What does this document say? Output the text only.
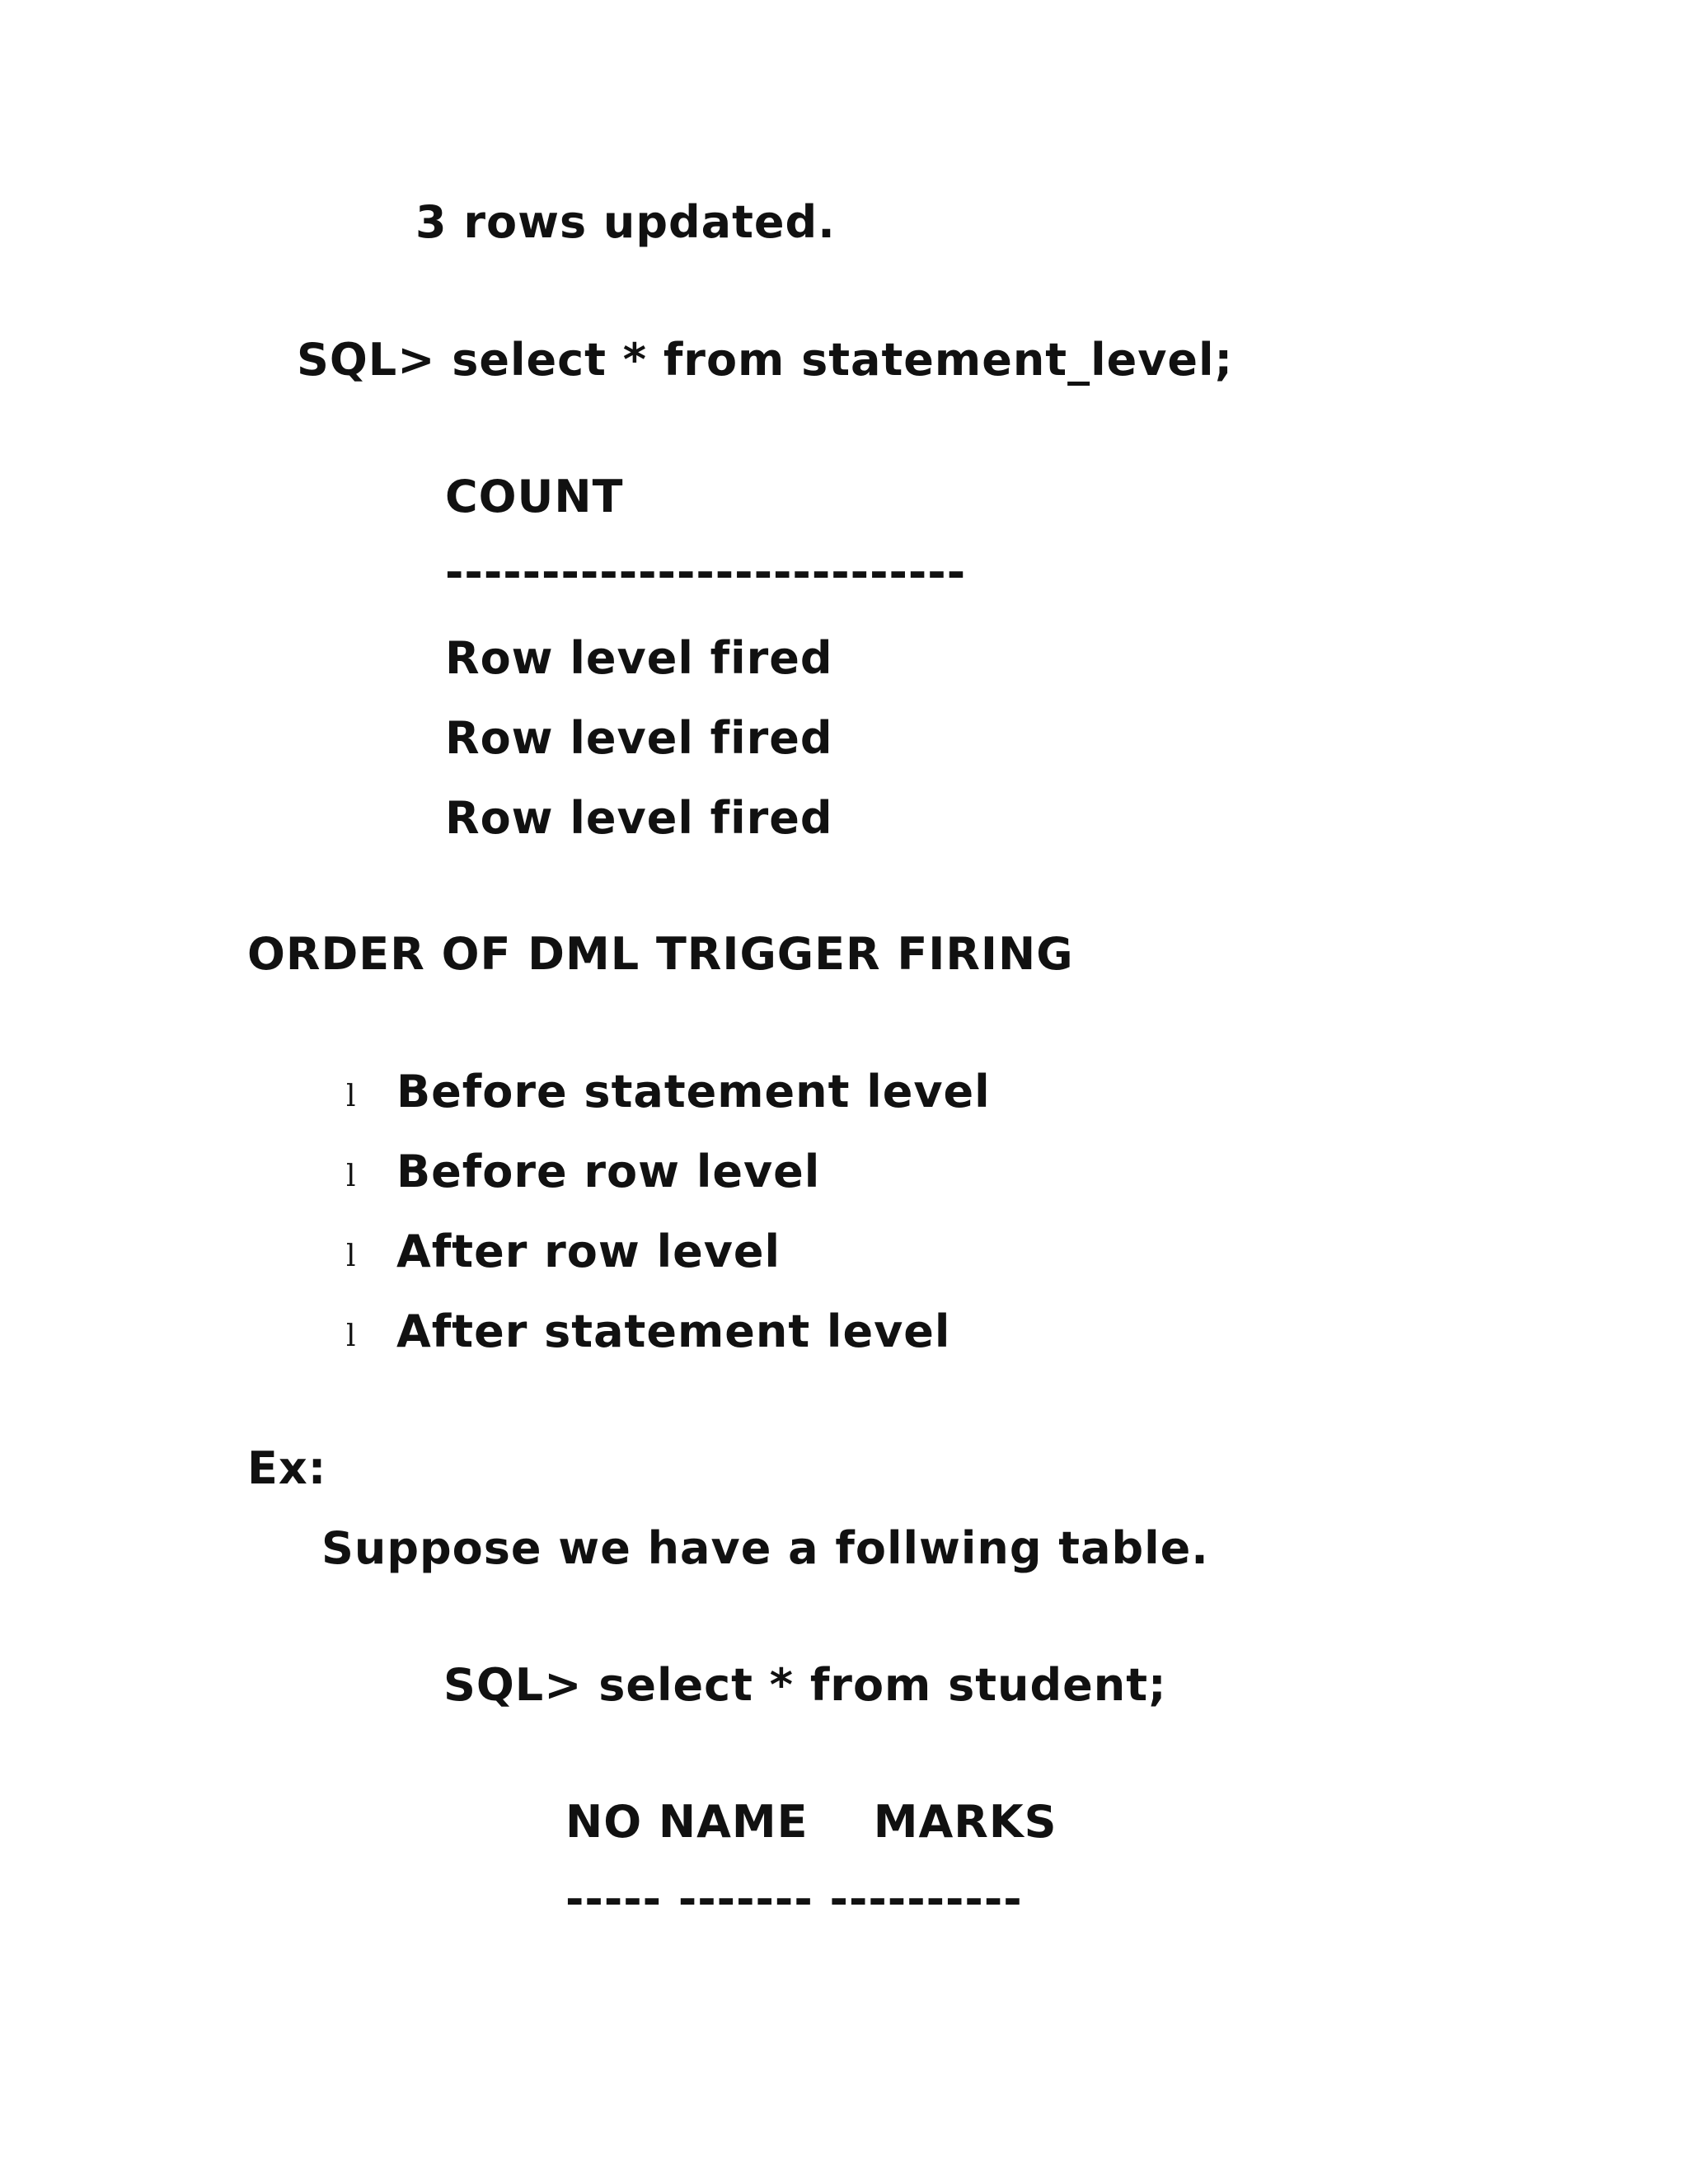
3 rows updated.
SQL> select * from statement_level;
COUNT
---------------------------
Row level fired
Row level fired
Row level fired
ORDER OF DML TRIGGER FIRING
l Before statement level
l Before row level
l After row level
l After statement level
Ex:
Suppose we have a follwing table.
SQL> select * from student;
NO NAME    MARKS
----- ------- ----------
